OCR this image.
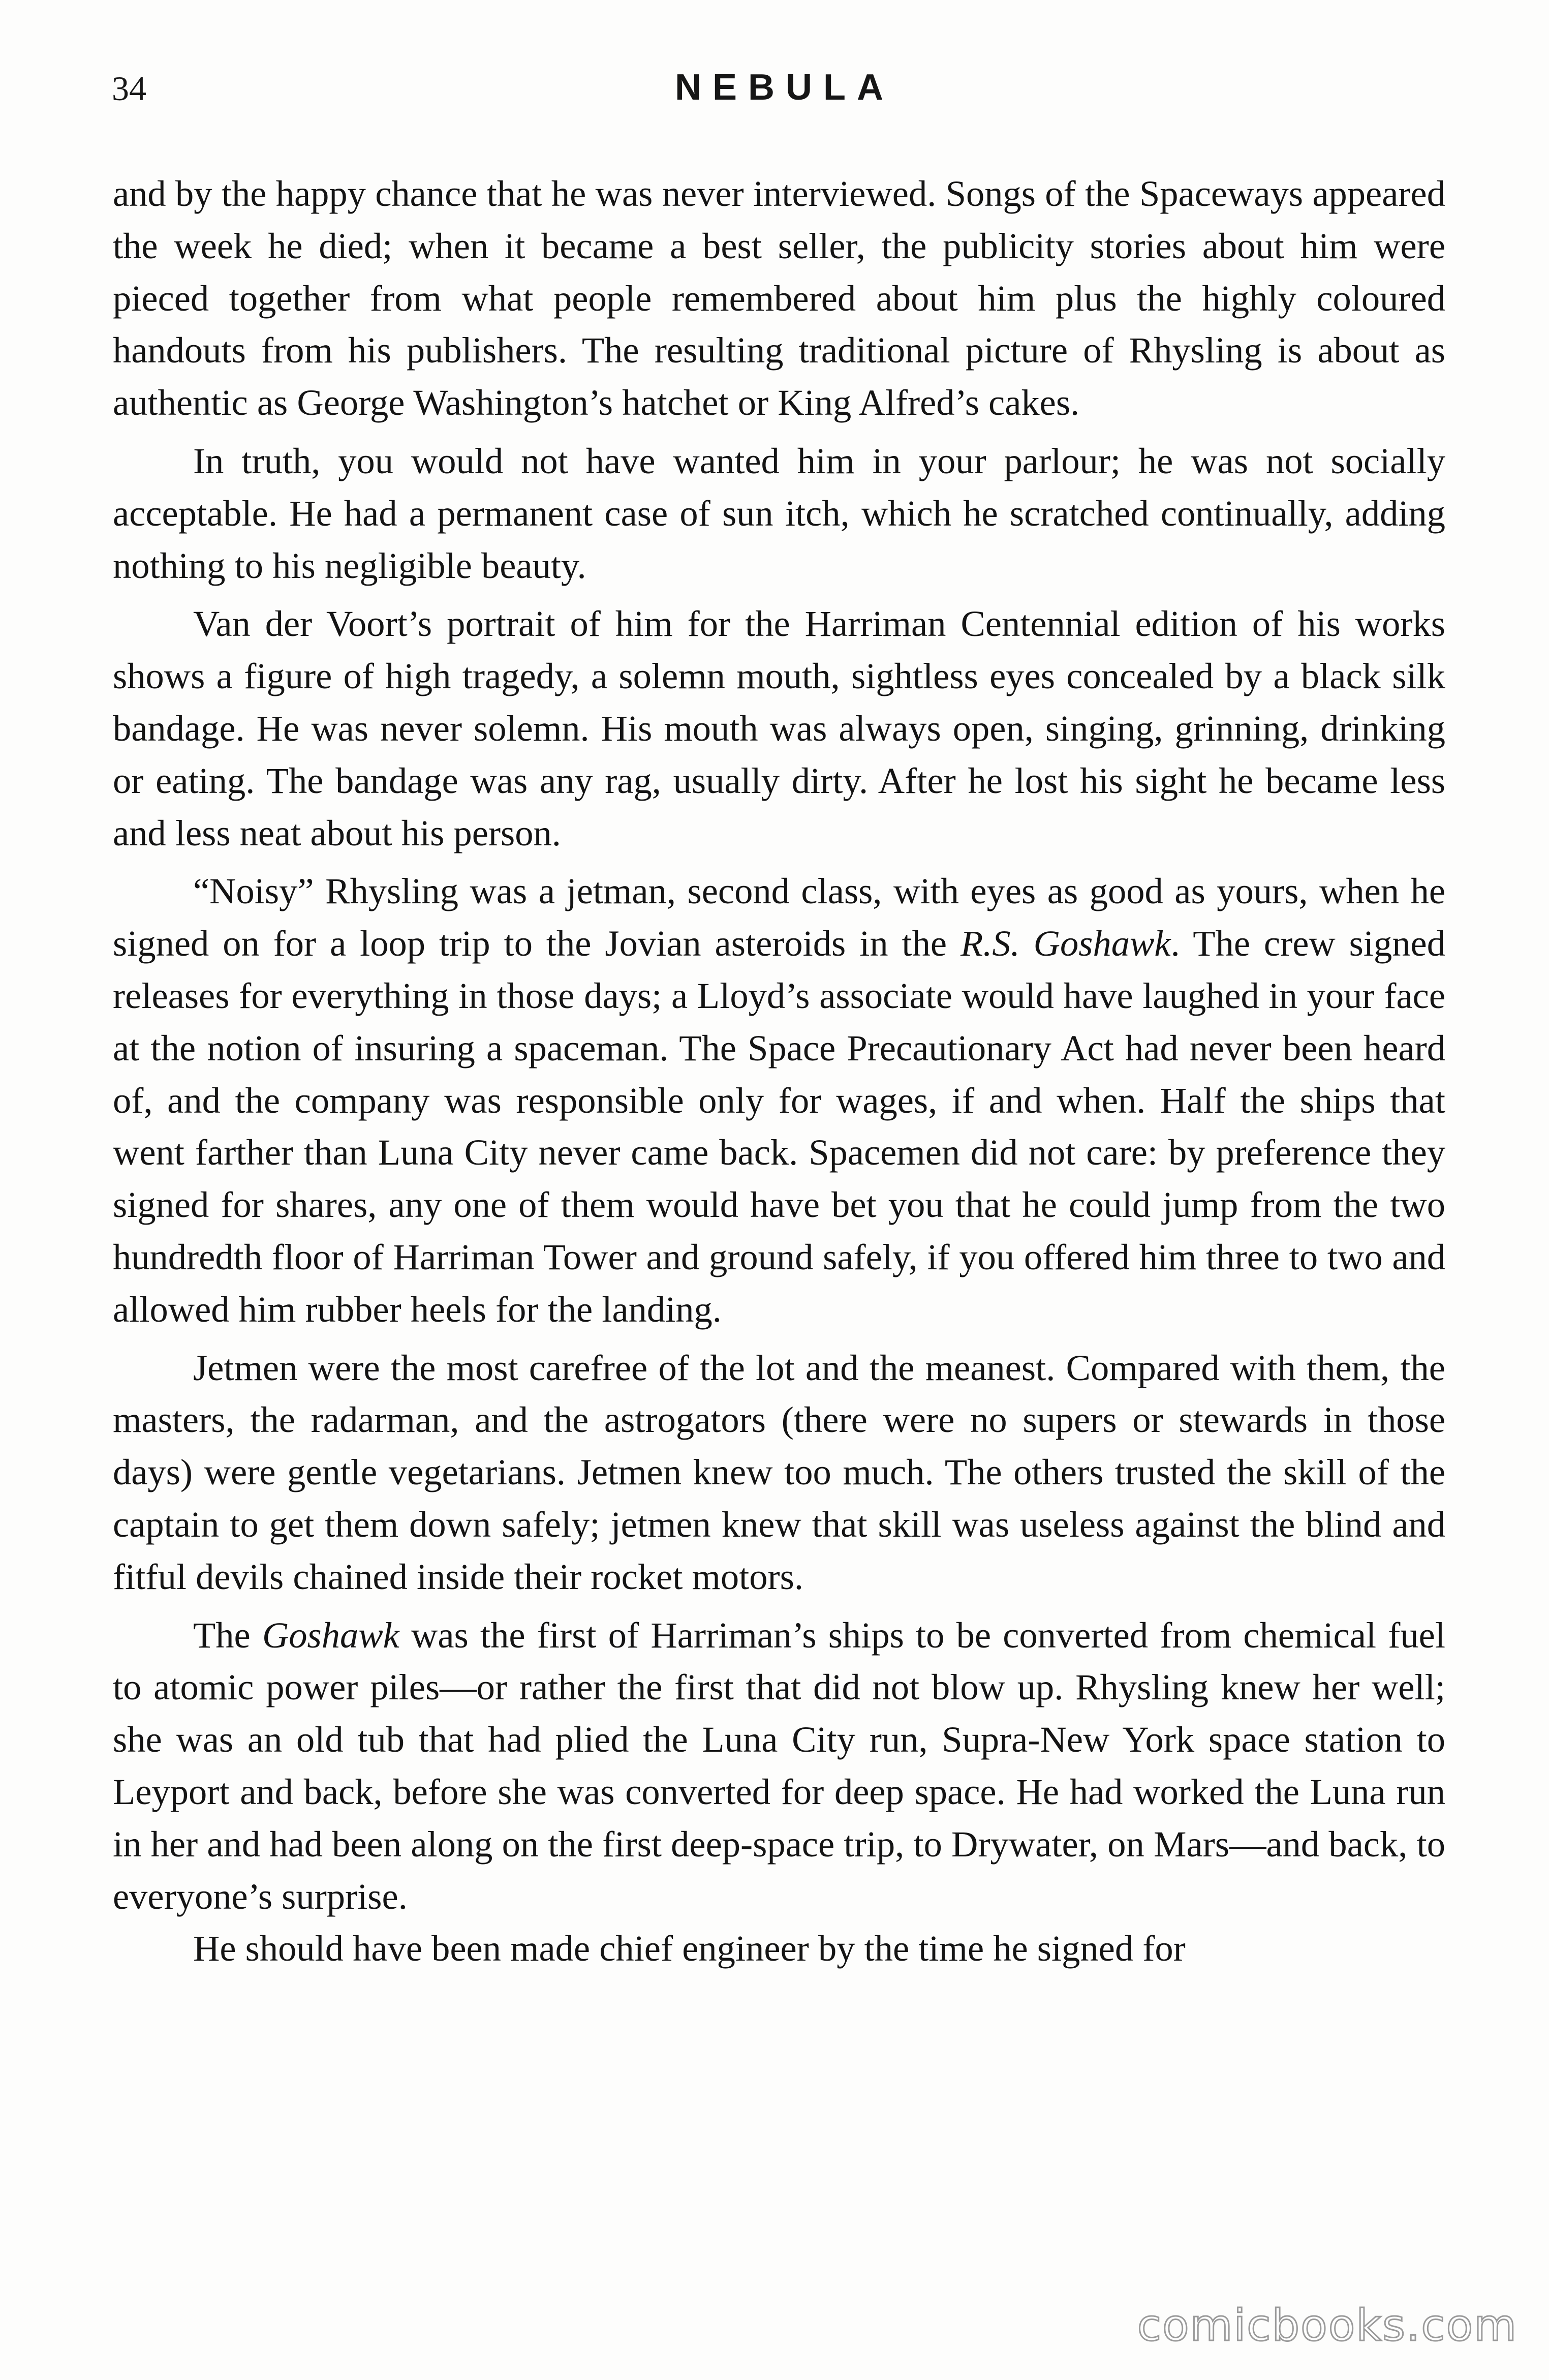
34	NEBULA

and by the happy chance that he was never interviewed. Songs of the Spaceways appeared the week he died; when it became a best seller, the publicity stories about him were pieced together from what people remembered about him plus the highly coloured handouts from his publishers. The resulting traditional picture of Rhysling is about as authentic as George Washington’s hatchet or King Alfred’s cakes.

In truth, you would not have wanted him in your parlour; he was not socially acceptable. He had a permanent case of sun itch, which he scratched continually, adding nothing to his negligible beauty.

Van der Voort’s portrait of him for the Harriman Centennial edition of his works shows a figure of high tragedy, a solemn mouth, sightless eyes concealed by a black silk bandage. He was never solemn. His mouth was always open, singing, grinning, drinking or eating. The bandage was any rag, usually dirty. After he lost his sight he became less and less neat about his person.

“Noisy” Rhysling was a jetman, second class, with eyes as good as yours, when he signed on for a loop trip to the Jovian asteroids in the R.S. Goshawk. The crew signed releases for everything in those days; a Lloyd’s associate would have laughed in your face at the notion of insuring a spaceman. The Space Precautionary Act had never been heard of, and the company was responsible only for wages, if and when. Half the ships that went farther than Luna City never came back. Spacemen did not care: by preference they signed for shares, any one of them would have bet you that he could jump from the two hundredth floor of Harriman Tower and ground safely, if you offered him three to two and allowed him rubber heels for the landing.

Jetmen were the most carefree of the lot and the meanest. Compared with them, the masters, the radarman, and the astrogators (there were no supers or stewards in those days) were gentle vegetarians. Jetmen knew too much. The others trusted the skill of the captain to get them down safely; jetmen knew that skill was useless against the blind and fitful devils chained inside their rocket motors.

The Goshawk was the first of Harriman’s ships to be converted from chemical fuel to atomic power piles—or rather the first that did not blow up. Rhysling knew her well; she was an old tub that had plied the Luna City run, Supra-New York space station to Leyport and back, before she was converted for deep space. He had worked the Luna run in her and had been along on the first deep-space trip, to Drywater, on Mars—and back, to everyone’s surprise.

He should have been made chief engineer by the time he signed for

comicbooks.com
